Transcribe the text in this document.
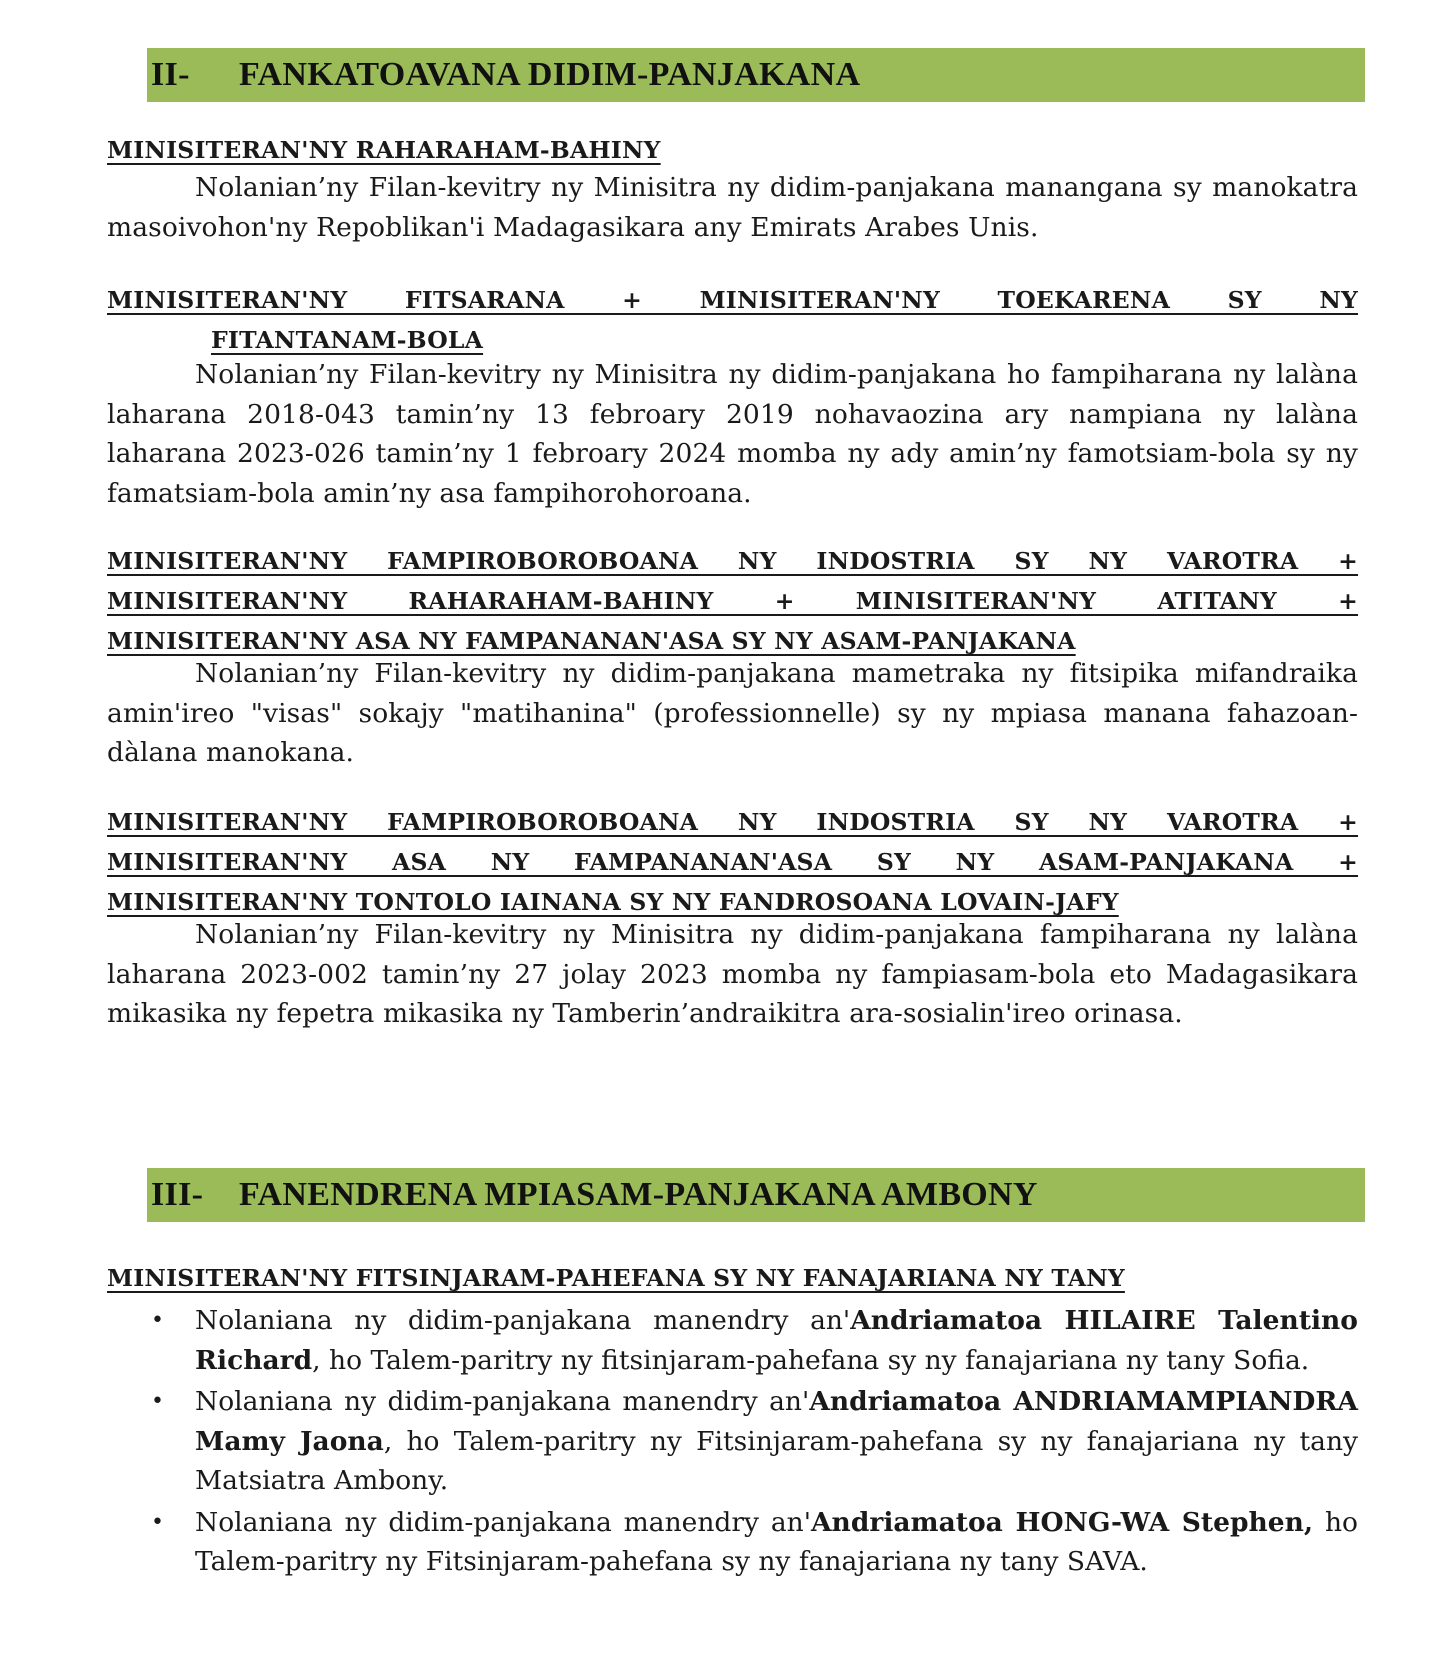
II-	FANKATOAVANA DIDIM-PANJAKANA
MINISITERAN'NY RAHARAHAM-BAHINY
Nolanian’ny Filan-kevitry ny Minisitra ny didim-panjakana manangana sy manokatra masoivohon'ny Repoblikan'i Madagasikara any Emirats Arabes Unis.
MINISITERAN'NY FITSARANA + MINISITERAN'NY TOEKARENA SY NY
FITANTANAM-BOLA
Nolanian’ny Filan-kevitry ny Minisitra ny didim-panjakana ho fampiharana ny lalàna laharana 2018-043 tamin’ny 13 febroary 2019 nohavaozina ary nampiana ny lalàna laharana 2023-026 tamin’ny 1 febroary 2024 momba ny ady amin’ny famotsiam-bola sy ny famatsiam-bola amin’ny asa fampihorohoroana.
MINISITERAN'NY FAMPIROBOROBOANA NY INDOSTRIA SY NY VAROTRA +
MINISITERAN'NY RAHARAHAM-BAHINY + MINISITERAN'NY ATITANY +
MINISITERAN'NY ASA NY FAMPANANAN'ASA SY NY ASAM-PANJAKANA
Nolanian’ny Filan-kevitry ny didim-panjakana mametraka ny fitsipika mifandraika amin'ireo "visas" sokajy "matihanina" (professionnelle) sy ny mpiasa manana fahazoan-dàlana manokana.
MINISITERAN'NY FAMPIROBOROBOANA NY INDOSTRIA SY NY VAROTRA +
MINISITERAN'NY ASA NY FAMPANANAN'ASA SY NY ASAM-PANJAKANA +
MINISITERAN'NY TONTOLO IAINANA SY NY FANDROSOANA LOVAIN-JAFY
Nolanian’ny Filan-kevitry ny Minisitra ny didim-panjakana fampiharana ny lalàna laharana 2023-002 tamin’ny 27 jolay 2023 momba ny fampiasam-bola eto Madagasikara mikasika ny fepetra mikasika ny Tamberin’andraikitra ara-sosialin'ireo orinasa.
III-	FANENDRENA MPIASAM-PANJAKANA AMBONY
MINISITERAN'NY FITSINJARAM-PAHEFANA SY NY FANAJARIANA NY TANY
• Nolaniana ny didim-panjakana manendry an'Andriamatoa HILAIRE Talentino Richard, ho Talem-paritry ny fitsinjaram-pahefana sy ny fanajariana ny tany Sofia.
• Nolaniana ny didim-panjakana manendry an'Andriamatoa ANDRIAMAMPIANDRA Mamy Jaona, ho Talem-paritry ny Fitsinjaram-pahefana sy ny fanajariana ny tany Matsiatra Ambony.
• Nolaniana ny didim-panjakana manendry an'Andriamatoa HONG-WA Stephen, ho Talem-paritry ny Fitsinjaram-pahefana sy ny fanajariana ny tany SAVA.
